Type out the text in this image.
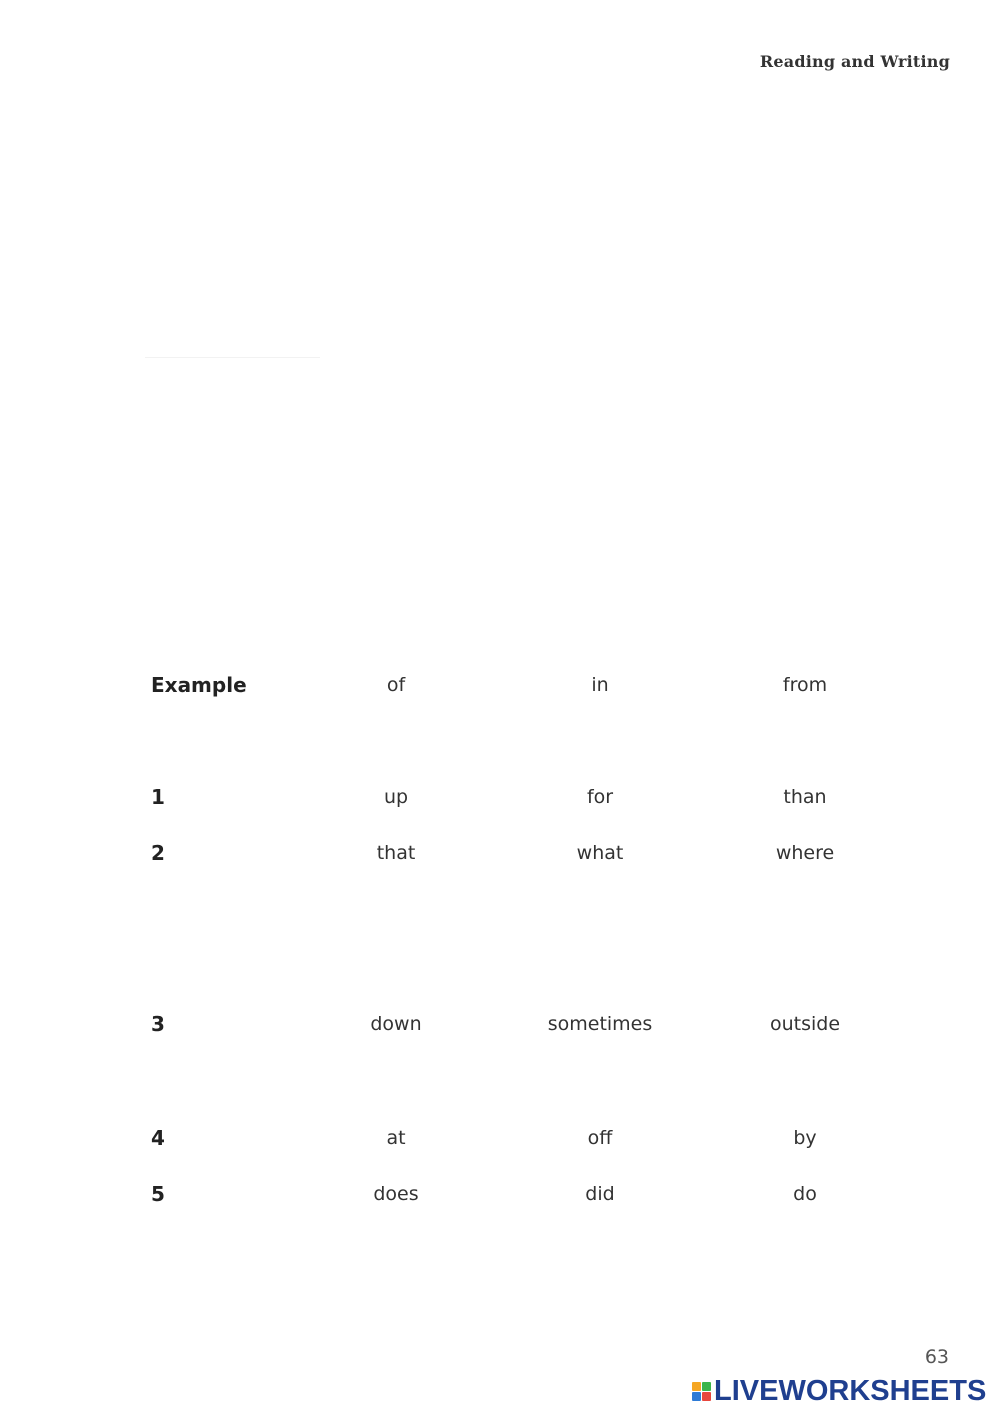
Reading and Writing
Example	of	in	from
1	up	for	than
2	that	what	where
3	down	sometimes	outside
4	at	off	by
5	does	did	do
63
LIVEWORKSHEETS
